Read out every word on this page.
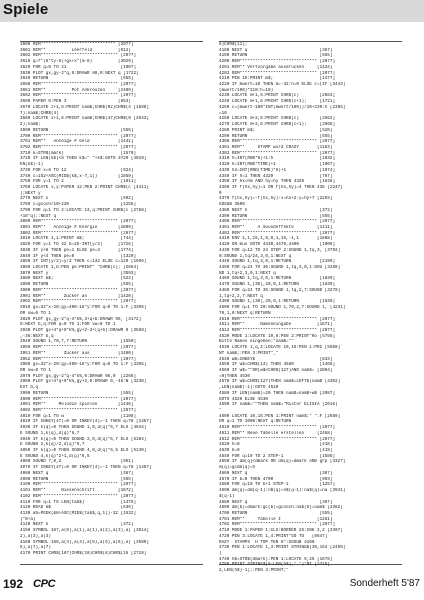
Spiele
3600 REM***************************** [2077]
3601 REM**          Leerfeld          [612]
3602 REM****************************** [2077]
3610 q=f*(8*ty-8)+gx+x*(m-8)          [3029]
3620 FOR q=0 TO 21                     [1007]
3630 PLOT gx,gy-2*q,0:DRAWR 80,0:NEXT q [1722]
3640 RETURN                            [555]
3650 REM****************************** [2077]
3651 REM**          Pot Ankreuzen     [2499]
3652 REM****************************** [2077]
3660 PAPER 0:PEN 3                    [653]
3670 LOCATE z+1,5:PRINT nam$;CHR$(92)CHR$(4 [1888]
7);nam$;CHR$(4)
3680 LOCATE x+1,6:PRINT nam$;CHR$(47)CHR$(9 [2643]
2);nam$;
3690 RETURN                            [555]
3700 REM****************************** [2077]
3701 REM**   Anzeige # Geld           [1441]
3702 REM****************************** [2077]
3710 k=STR$(mark)                      [1570]
3720 IF LEN(k$)<8 THEN k$=" "+k$:GOTO 3720 [4019]
EN(k$)-1)
3730 FOR x=8 TO 12                     [924]
3740 c=152+ASC(MID$(k$,x-7,1))        [1859]
3750 FOR y=1 TO 2                      [1011]
3760 LOCATE x,y:PAPER 12:PEN 2:PRINT CHR$(c [4411]
);NEXT y
3770 NEXT x                            [502]
3780 c=gcoch/10+220                    [1255]
3790 FOR q=1 TO 2:LOCATE 13,q:PRINT CHR$(c [2768]
+16*q);:NEXT q
3800 REM****************************** [2077]
3801 REM**   Anzeige # Energie        [1809]
3802 REM****************************** [2077]
3810 LOCATE 1,1:PRINT m$;              [744]
3820 FOR y=1 TO 42 b=25-INT(y/2)      [1726]
3830 IF y>8 THEN pe=1 ELSE pe=3       [1774]
3840 IF y<4 THEN pe=0                  [1320]
3850 IF INT(y/2)=y/2 THEN c=132 ELSE c=129 [1696]
3860 LOCATE 1,b:PEN pe:PRINT" "CHR$(c); [2854]
3870 NEXT y                            [3593]
3880 NEXT m$;                          [522]
3890 RETURN                            [555]
3900 REM****************************** [2077]
3901 REM**       Zucker an            [1420]
3902 REM****************************** [2077]
3910 gx=32*x-20:gy=400-16*y:FOR q=0 TO 1:F [3395]
OR vw=0 TO 1
3920 PLOT gx,gy-2*q-4*k%,3+q+b:DRAWR 96, [4172]
0:NEXT b,q:FOR q=0 TO 1:FOR vw=0 TO 1
3930 PLOT gx+4*q+9*k%,gy+2-3+(q+b):DRAWR 0 [3569]
,-36:NEXT b,q
3940 SOUND 1,70,7,7:RETURN             [1550]
3950 REM****************************** [2077]
3951 REM**       Zucker aus           [1400]
3952 REM****************************** [2077]
3960 gx=32*x-20:gy=400-16*y:FOR q=0 TO 1:F [3395]
OR vw=0 TO 1
3970 PLOT gx,gy-2*q-4*k%,0:DRAWR 96,0  [2266]
3980 PLOT gx+4*q+9*k%,gy+2,0:DRAWR 0,-46:N [3230]
EXT b,q
3990 RETURN                            [555]
4000 REM****************************** [2077]
4001 REM**     Melodie spielen        [1446]
4002 REM****************************** [2077]
4010 FOR q=1 TO w                      [1198]
4020 IF INKEY(47)=0 OR INKEY(4)=-1 THEN q=78 [1457]
4030 IF k(q)=0 THEN SOUND 1,0,d(q)*6,7 ELS [4644]
E SOUND 1,k(q),d(q)*6,7
4040 IF k(q)=0 THEN SOUND 2,0,d(q)*6,7 ELS [5104]
E SOUND 2,k(q)/2,d(q)*6,7
4050 IF k(q)=0 THEN SOUND 4,0,d(q)*6,5 ELS [5130]
E SOUND 4,k(q)*2+1,d(q)*6,5
4060 SOUND 7,0,2                       [951]
4070 IF INKEY(47)=0 OR INKEY(4)=-1 THEN q=78 [1457]
4080 NEXT q                            [367]
4090 RETURN                            [555]
4100 REM****************************** [2077]
4101 REM**      Niesenschrift         [1672]
4102 REM****************************** [2077]
4110 FOR q=1 TO LEN(tab$)              [1475]
4120 READ m$                           [636]
4130 a%=PEEK(&8+ASC(MID$(tab$,q,1))-32 [1532]
)*8+a)
4140 NEXT k                            [372]
4150 SYMBOL 167,a(0),a(1),a(1),a(2),a(3),a( [3614]
2),a(3),a(3)
4160 SYMBOL 166,a(4),a(4),a(5),a(5),a(6),a( [3589]
6),a(7),a(7)
4170 PRINT CHR$(167)CHR$(10)CHR$(8)CHR$(16 [2728]
6)CHR$(11);
4180 NEXT q                            [367]
4190 RETURN                            [555]
4200 REM****************************** [2077]
4201 REM** Vertvorgabe ausdrucken     [1434]
4202 REM****************************** [2077]
4210 PEN 15:PRINT m$;                  [1477]
4220 IF mwert=10 THEN m=-32:h=0 ELSE c=(IF [3443]
(mwert/100)*210:h=10)
4230 LOCATE m+1,5:PRINT CHR$(c)        [2663]
4240 LOCATE m+1,6:PRINT CHR$(c+1);     [1721]
4250 c=(mwert-100*INT(mwert/100))/10+230:h [2365]
=10
4260 LOCATE m+2,5:PRINT CHR$(c)        [2662]
4270 LOCATE m+2,6:PRINT CHR$(c+1);     [2966]
4280 PRINT m$;                         [520]
4290 RETURN                            [555]
4300 REM****************************** [2077]
4301 REM**     STAMP wird CRAZY       [1163]
4302 REM****************************** [2077]
4310 h=INT(RND*6)+1:h                  [1032]
4320 h=INT(RND*TIME)+1                 [1007]
4330 h2=INT(RND(TIME)*6)+1             [1074]
4340 IF h=1 THEN 4320                  [767]
4350 IF hx=hm AND hy=hy THEN 4320      [1646]
4360 IF f(hx,hy)=1 OR f(hx,hy)=4 THEN 436 [2247]
0
4370 f(hx,hy)=-f(hx,hy):x=hx+2:y=hy+7 [2293]
GOSUB 3500
4380 NEXT h                            [372]
4390 RETURN                            [555]
4400 REM****************************** [2077]
4401 REM**     A Soundeffekte         [1411]
4402 REM****************************** [2077]
4410 ENV 1,1,15,1,8,0,1,15,-1,1       [1888]
4420 ON mus GOTO 4430,4470,4490        [1006]
4430 FOR q=12 TO 24 STEP 2:SOUND 1,tq,3, [3792]
0:SOUND 1,tq/24,3,0,1:NEXT q
4440 SOUND 1,tq,3,0,1:RETURN           [2199]
4450 FOR q=24 TO 36:SOUND 1,tq,3,0,1:SOU [3289]
ND 1,tq+2,3,0,1:NEXT q
4460 SOUND 1,tq,3,0,1:RETURN           [1839]
4470 SOUND 1,(36),20,0,1:RETURN        [1639]
4480 FOR q=24 TO 36:SOUND 1,tq,2,7:SOUND [3270]
1,tq+2,2,7:NEXT q
4490 SOUND 1,(36),20,0,1:RETURN        [1639]
4500 FOR q=1 TO 20:SOUND 1,70,2,7:SOUND 1, [4231]
70,1,0:NEXT q:RETURN
4510 REM****************************** [2077]
4511 REM**      Nameneingabe          [1871]
4512 REM****************************** [2077]
4520 MODE 1:LOCATE 10,8:PEN 2:PRINT"Ro [5755]
Bitte Namen eingeben:"nam$=""
4530 LOCATE 1,q,Z:LOCATE 10,15:PEN 1:PRI [5660]
NT nam$;:PEN 3:PRINT"_"
4540 w$=INKEY$                         [833]
4550 IF w$=CHR$(13) THEN 4580          [1465]
4560 IF w$=""OR(w$<CHR$(127)AND nam$= [2804]
=0)THEN 4530
4570 IF w$=CHR$(127)THEN nam$=LEFT$(nam$ [4302]
,LEN(nam$)-1):GOTO 4520
4580 IF LEN(nam$)=20 THEN nam$=nam$+w$ [2987]
GOTO 4520 ELSE 4530
4590 IF nam$=""THEN nam$="Mister ELISIA [2616]
"
4600 LOCATE 10,15:PEN 1:PRINT nam$;" ":F [2689]
OR q=1 TO 1000:NEXT q:RETURN
4610 REM****************************** [2077]
4611 REM** Neue Tabelle erstellen     [2468]
4612 REM****************************** [2077]
4620 h=0                               [416]
4630 b=0                               [419]
4640 FOR q=10 TO 2 STEP-1              [1585]
4650 IF dm(q)<dmark OR dm(q)=dmark AND grp [3327]
m(q)=gcdm(q)=h
4660 NEXT q                            [367]
4670 IF b=0 THEN 4700                  [993]
4680 FOR q=10 TO b+1 STEP-1            [1257]
4690 dm(q)=dm(q-1):n$(q)=n$(q-1):na$(q)=na [3941]
$(q-1)
4680 NEXT q                            [367]
4690 dm(b)=dmark:gc(b)=gcnoch:na$(b)=nam$ [2382]
4700 RETURN                            [555]
4701 REM**     Tabelle I              [1261]
4702 REM****************************** [2077]
4710 MODE 1:PAPER 1:CLS:BORDER 26:INK 2,2 [3307]
4720 PEN 3:LOCATE 1,4:PRINT"GO TO   [6647]
RAZY  STAMPS  H TOP TEN H":GOSUB 4100
4730 PEN 1:LOCATE 1,3:PRINT STRING$(39,154 [2450]
)
4740 h$=STR$(dmark):PEN 1:LOCATE 9,25 [1678]
4750 PRINT STRING$(8-LEN(h$)," ")"BI [2718]
2,LEN(h$)-1);:PEN 3:PRINT;"
192 CPC	Sonderheft 5'87
